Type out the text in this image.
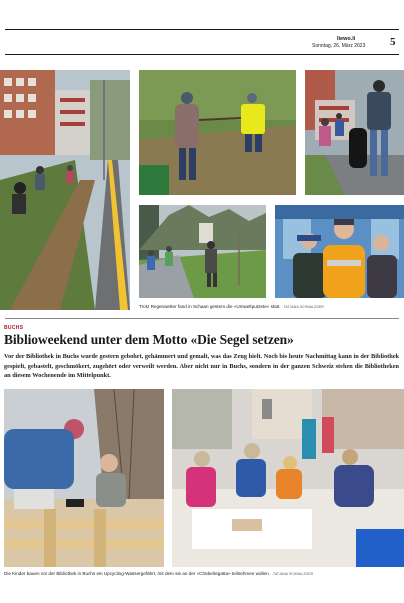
liewo.li
Sonntag, 26. März 2023 5
Trotz Regenwetter fand in Schaan gestern die «Umweltputzete» statt. TATJANA SCHNALZGER
BUCHS
Biblioweekend unter dem Motto «Die Segel setzen»
Vor der Bibliothek in Buchs wurde gestern gebohrt, gehämmert und gemalt, was das Zeug hielt. Noch bis heute Nachmittag kann in der Bibliothek gespielt, gebastelt, geschmökert, zugehört oder verweilt werden. Aber nicht nur in Buchs, sondern in der ganzen Schweiz stehen die Bibliotheken an diesem Wochenende im Mittelpunkt.
Die Kinder bauen vor der Bibliothek in Buchs ein Upcycling-Wassergefährt, mit dem sie an der «Chübelregatta» teilnehmen wollen. TATJANA SCHNALZGER
